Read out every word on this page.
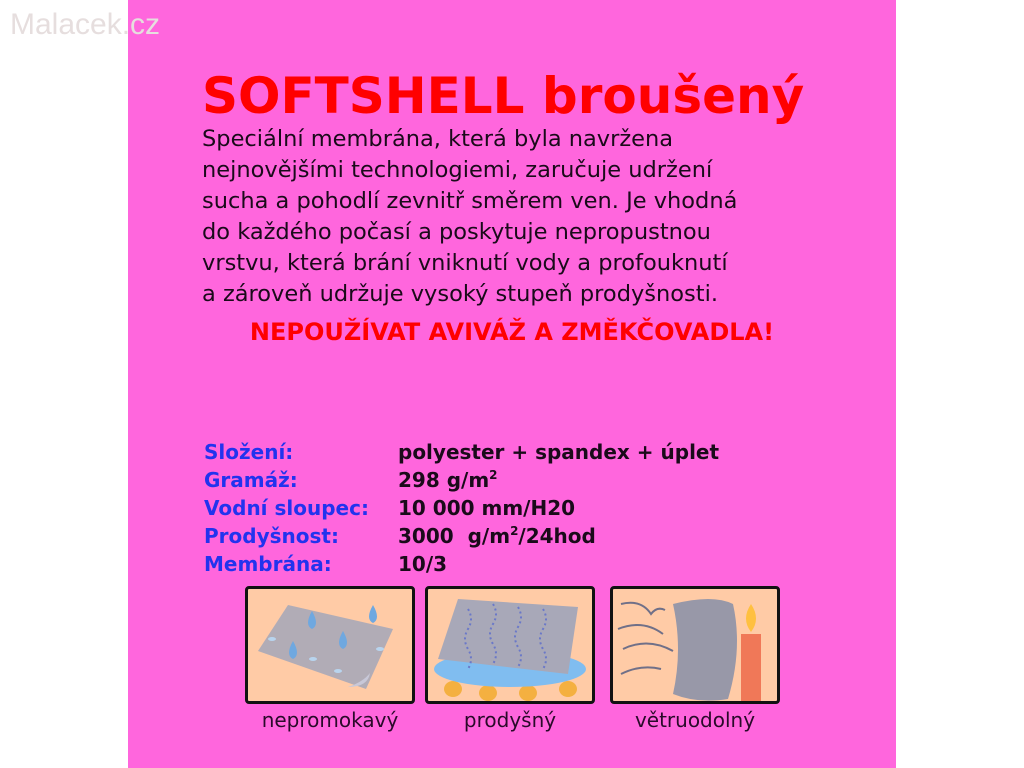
Malacek.cz
SOFTSHELL broušený
Speciální membrána, která byla navržena
nejnovějšími technologiemi, zaručuje udržení
sucha a pohodlí zevnitř směrem ven. Je vhodná
do každého počasí a poskytuje nepropustnou
vrstvu, která brání vniknutí vody a profouknutí
a zároveň udržuje vysoký stupeň prodyšnosti.
NEPOUŽÍVAT AVIVÁŽ A ZMĚKČOVADLA!
Složení:	polyester + spandex + úplet
Gramáž:	298 $g/m^2$
Vodní sloupec:	10 000 mm/H20
Prodyšnost:	3000  $g/m^2/24hod$
Membrána:	10/3
nepromokavý	prodyšný	větruodolný
